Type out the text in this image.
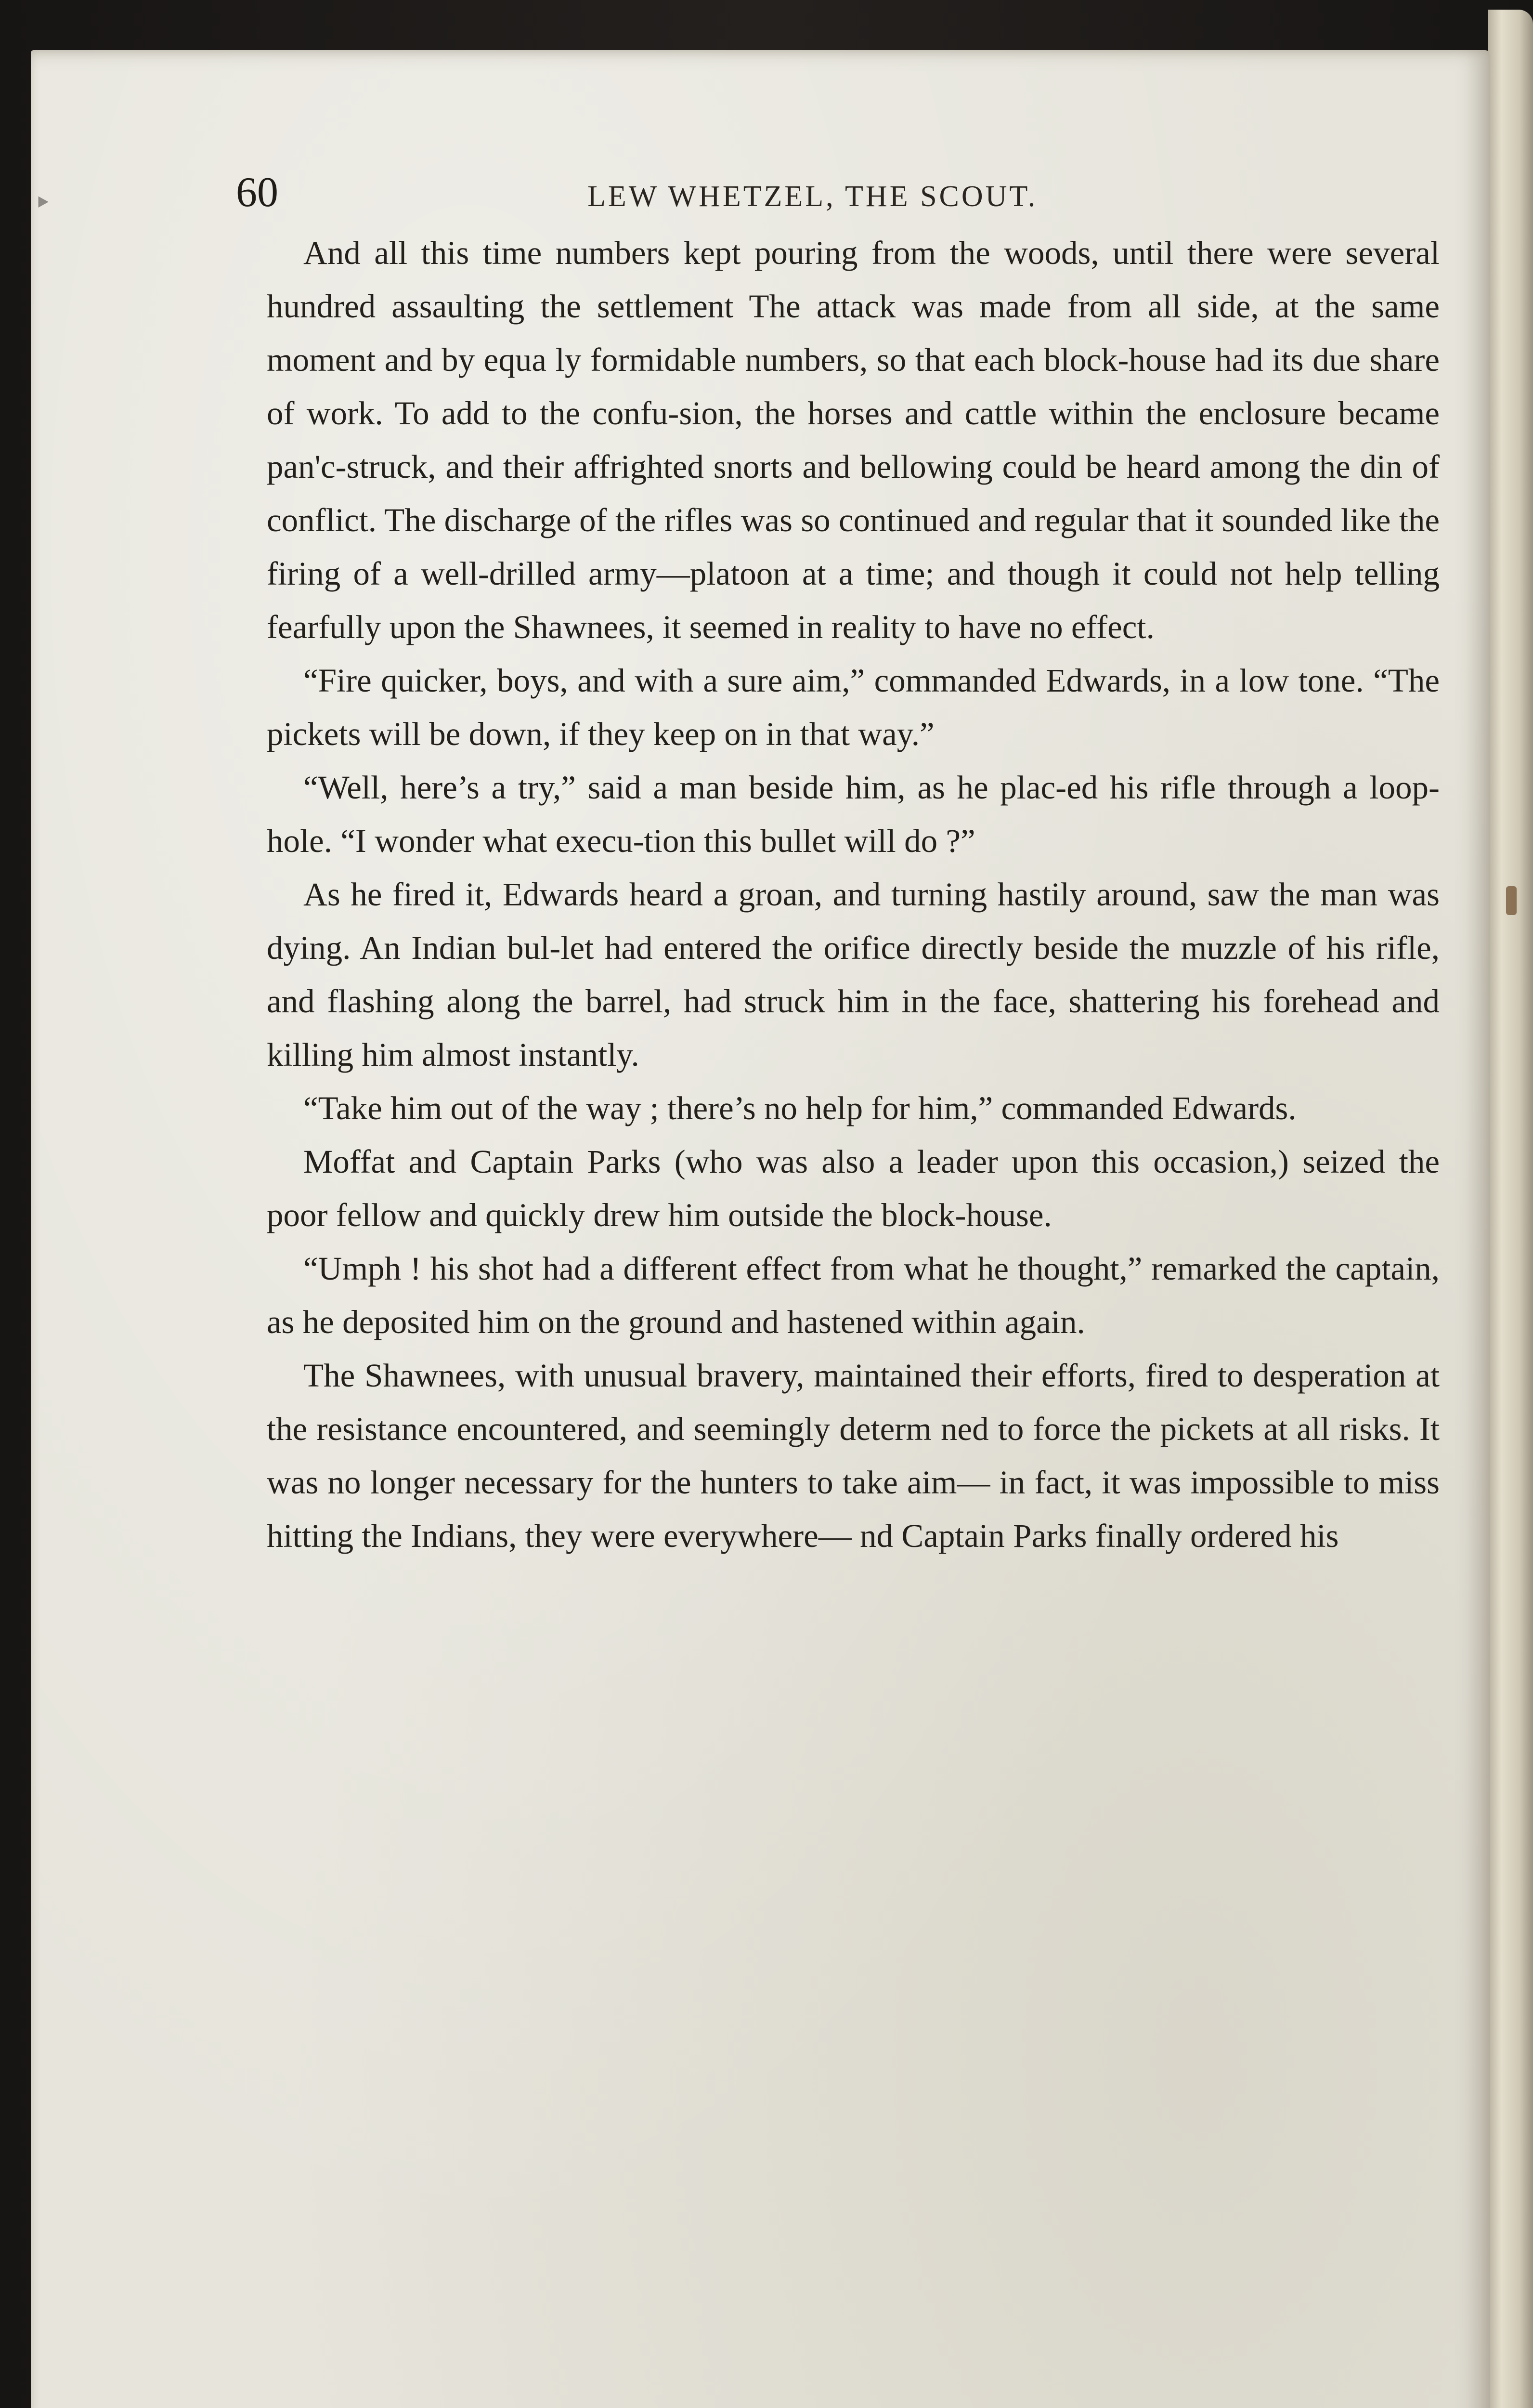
‣	60	LEW WHETZEL, THE SCOUT.

And all this time numbers kept pouring from the woods, until there were several hundred assaulting the settlement The attack was made from all side, at the same moment and by equa ly formidable numbers, so that each block-house had its due share of work. To add to the confu-sion, the horses and cattle within the enclosure became pan'c-struck, and their affrighted snorts and bellowing could be heard among the din of conflict. The discharge of the rifles was so continued and regular that it sounded like the firing of a well-drilled army—platoon at a time; and though it could not help telling fearfully upon the Shawnees, it seemed in reality to have no effect.

“Fire quicker, boys, and with a sure aim,” commanded Edwards, in a low tone. “The pickets will be down, if they keep on in that way.”

“Well, here’s a try,” said a man beside him, as he plac-ed his rifle through a loop-hole. “I wonder what execu-tion this bullet will do ?”

As he fired it, Edwards heard a groan, and turning hastily around, saw the man was dying. An Indian bul-let had entered the orifice directly beside the muzzle of his rifle, and flashing along the barrel, had struck him in the face, shattering his forehead and killing him almost instantly.

“Take him out of the way ; there’s no help for him,” commanded Edwards.

Moffat and Captain Parks (who was also a leader upon this occasion,) seized the poor fellow and quickly drew him outside the block-house.

“Umph ! his shot had a different effect from what he thought,” remarked the captain, as he deposited him on the ground and hastened within again.

The Shawnees, with unusual bravery, maintained their efforts, fired to desperation at the resistance encountered, and seemingly determ ned to force the pickets at all risks. It was no longer necessary for the hunters to take aim— in fact, it was impossible to miss hitting the Indians, they were everywhere— nd Captain Parks finally ordered his
